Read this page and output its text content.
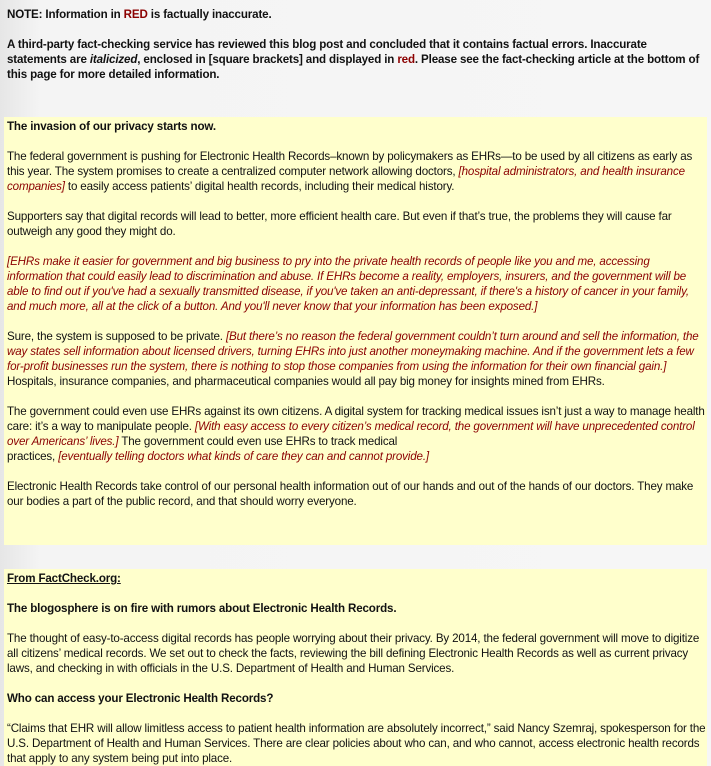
NOTE: Information in RED is factually inaccurate.

A third-party fact-checking service has reviewed this blog post and concluded that it contains factual errors. Inaccurate statements are italicized, enclosed in [square brackets] and displayed in red. Please see the fact-checking article at the bottom of this page for more detailed information.

The invasion of our privacy starts now.

The federal government is pushing for Electronic Health Records–known by policymakers as EHRs—to be used by all citizens as early as this year. The system promises to create a centralized computer network allowing doctors, [hospital administrators, and health insurance companies] to easily access patients’ digital health records, including their medical history.

Supporters say that digital records will lead to better, more efficient health care. But even if that’s true, the problems they will cause far outweigh any good they might do.

[EHRs make it easier for government and big business to pry into the private health records of people like you and me, accessing information that could easily lead to discrimination and abuse. If EHRs become a reality, employers, insurers, and the government will be able to find out if you've had a sexually transmitted disease, if you've taken an anti-depressant, if there's a history of cancer in your family, and much more, all at the click of a button. And you'll never know that your information has been exposed.]

Sure, the system is supposed to be private. [But there’s no reason the federal government couldn’t turn around and sell the information, the way states sell information about licensed drivers, turning EHRs into just another moneymaking machine. And if the government lets a few for-profit businesses run the system, there is nothing to stop those companies from using the information for their own financial gain.] Hospitals, insurance companies, and pharmaceutical companies would all pay big money for insights mined from EHRs.

The government could even use EHRs against its own citizens. A digital system for tracking medical issues isn’t just a way to manage health care: it’s a way to manipulate people. [With easy access to every citizen’s medical record, the government will have unprecedented control over Americans’ lives.] The government could even use EHRs to track medical
practices, [eventually telling doctors what kinds of care they can and cannot provide.]

Electronic Health Records take control of our personal health information out of our hands and out of the hands of our doctors. They make our bodies a part of the public record, and that should worry everyone.

From FactCheck.org:

The blogosphere is on fire with rumors about Electronic Health Records.

The thought of easy-to-access digital records has people worrying about their privacy. By 2014, the federal government will move to digitize all citizens’ medical records. We set out to check the facts, reviewing the bill defining Electronic Health Records as well as current privacy laws, and checking in with officials in the U.S. Department of Health and Human Services.

Who can access your Electronic Health Records?

“Claims that EHR will allow limitless access to patient health information are absolutely incorrect,” said Nancy Szemraj, spokesperson for the U.S. Department of Health and Human Services. There are clear policies about who can, and who cannot, access electronic health records that apply to any system being put into place.
